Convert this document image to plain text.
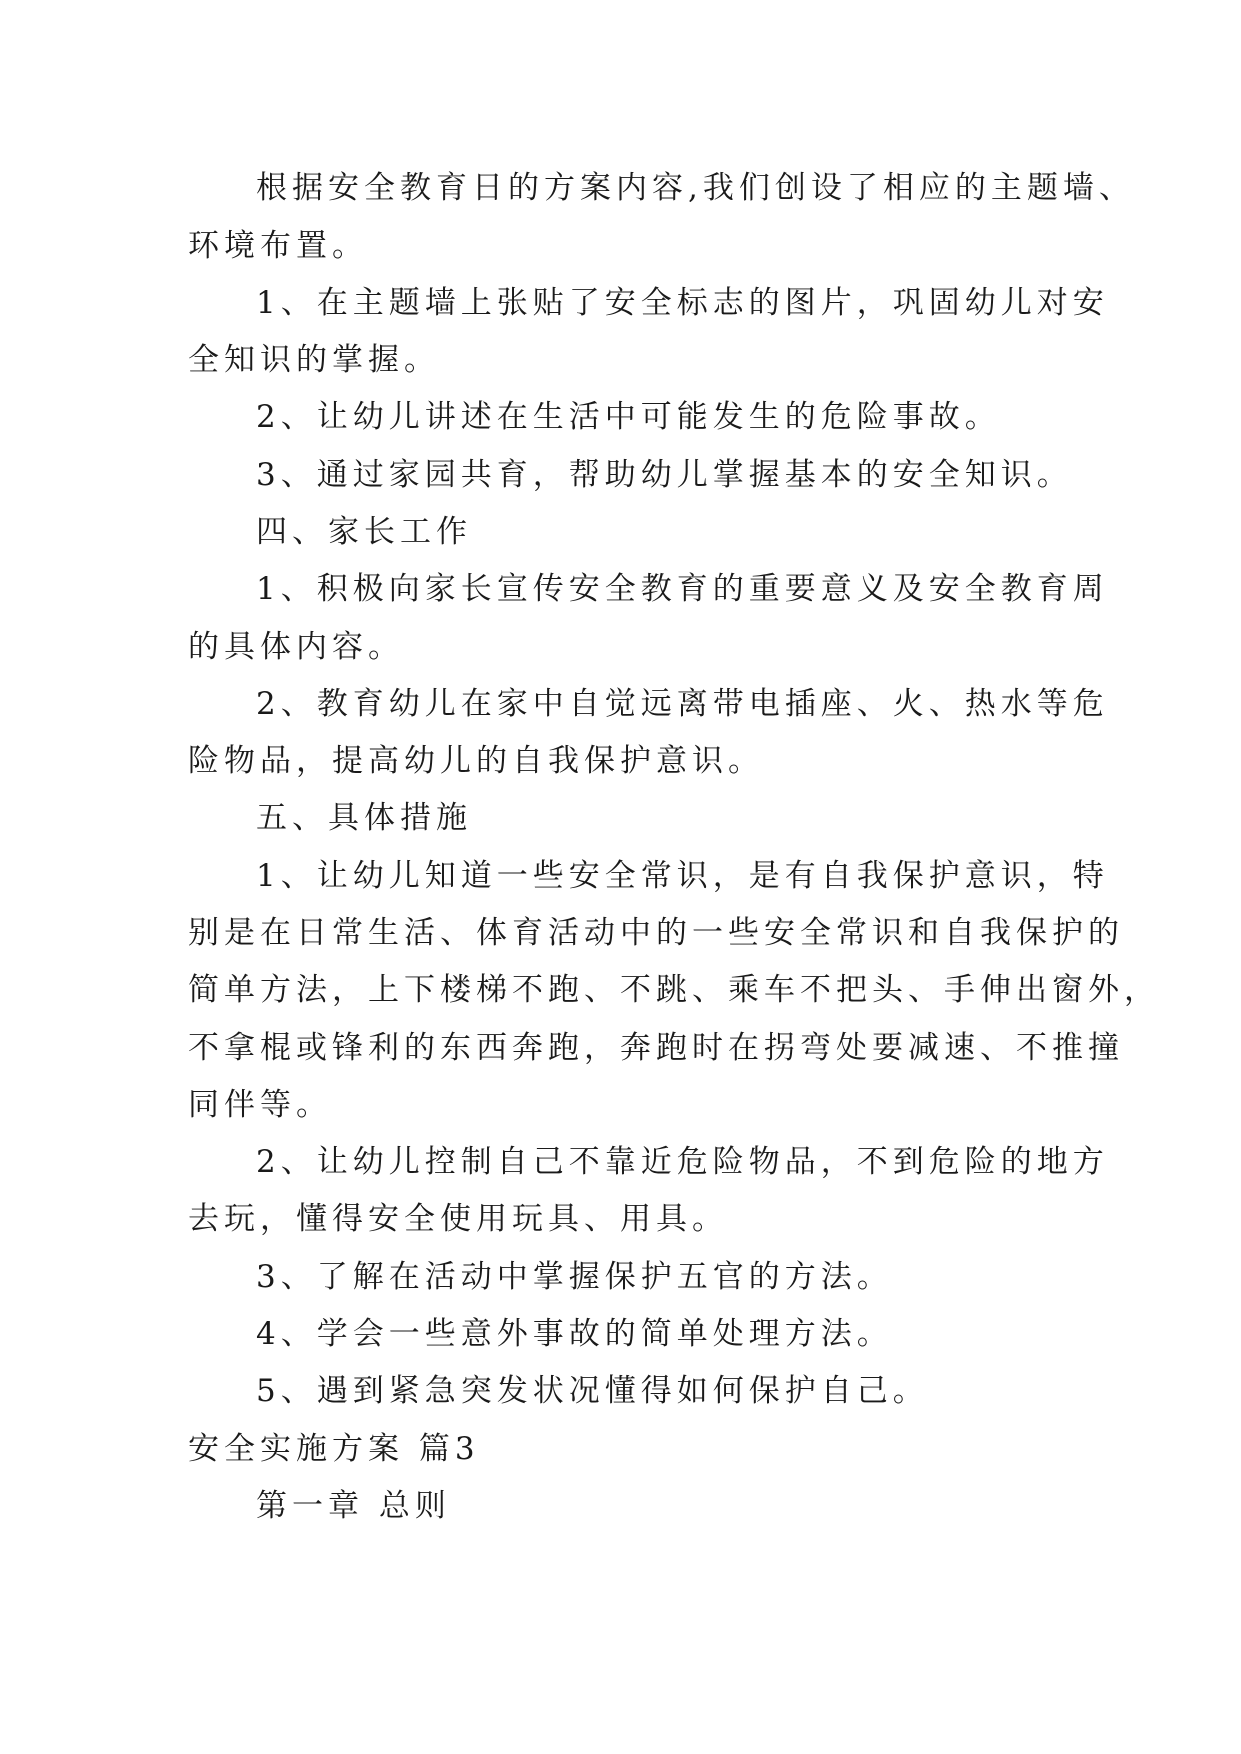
根据安全教育日的方案内容,我们创设了相应的主题墙、
环境布置。
1、在主题墙上张贴了安全标志的图片，巩固幼儿对安
全知识的掌握。
2、让幼儿讲述在生活中可能发生的危险事故。
3、通过家园共育，帮助幼儿掌握基本的安全知识。
四、家长工作
1、积极向家长宣传安全教育的重要意义及安全教育周
的具体内容。
2、教育幼儿在家中自觉远离带电插座、火、热水等危
险物品，提高幼儿的自我保护意识。
五、具体措施
1、让幼儿知道一些安全常识，是有自我保护意识，特
别是在日常生活、体育活动中的一些安全常识和自我保护的
简单方法，上下楼梯不跑、不跳、乘车不把头、手伸出窗外，
不拿棍或锋利的东西奔跑，奔跑时在拐弯处要减速、不推撞
同伴等。
2、让幼儿控制自己不靠近危险物品，不到危险的地方
去玩，懂得安全使用玩具、用具。
3、了解在活动中掌握保护五官的方法。
4、学会一些意外事故的简单处理方法。
5、遇到紧急突发状况懂得如何保护自己。
安全实施方案 篇3
第一章 总则
